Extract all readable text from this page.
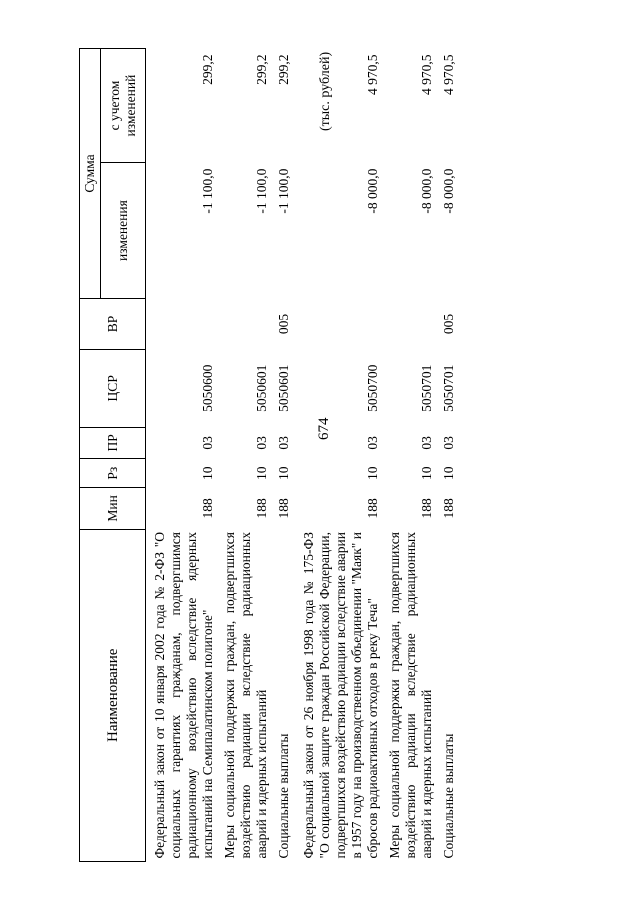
674
(тыс. рублей)
Наименование	Мин	Рз	ПР	ЦСР	ВР	Сумма	
						изменения	с учетом изменений
Федеральный закон от 10 января 2002 года № 2-ФЗ "О социальных гарантиях гражданам, подвергшимся радиационному воздействию вследствие ядерных испытаний на Семипалатинском полигоне"	188	10	03	5050600		-1 100,0	299,2
Меры социальной поддержки граждан, подвергшихся воздействию радиации вследствие радиационных аварий и ядерных испытаний	188	10	03	5050601		-1 100,0	299,2
Социальные выплаты	188	10	03	5050601	005	-1 100,0	299,2
Федеральный закон от 26 ноября 1998 года № 175-ФЗ "О социальной защите граждан Российской Федерации, подвергшихся воздействию радиации вследствие аварии в 1957 году на производственном объединении "Маяк" и сбросов радиоактивных отходов в реку Теча"	188	10	03	5050700		-8 000,0	4 970,5
Меры социальной поддержки граждан, подвергшихся воздействию радиации вследствие радиационных аварий и ядерных испытаний	188	10	03	5050701		-8 000,0	4 970,5
Социальные выплаты	188	10	03	5050701	005	-8 000,0	4 970,5
